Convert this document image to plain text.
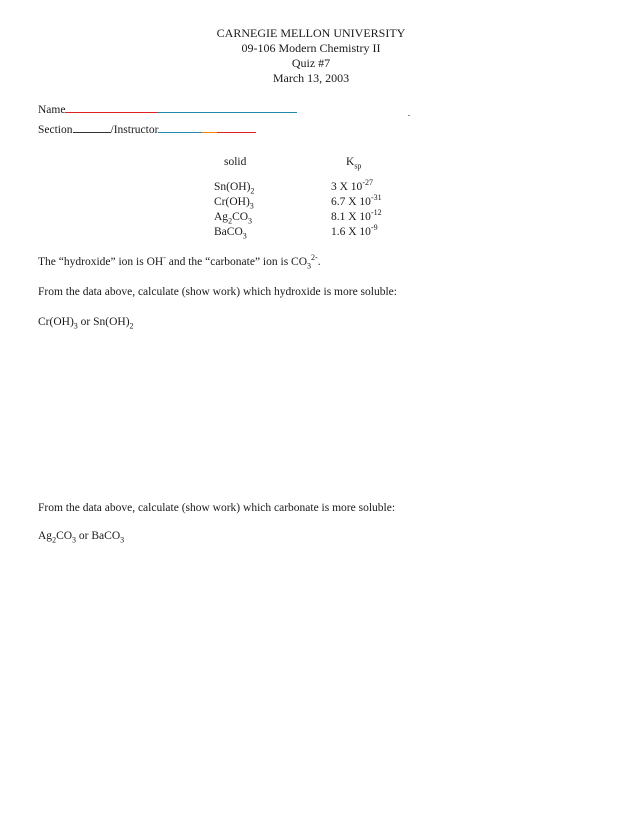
CARNEGIE MELLON UNIVERSITY
09-106 Modern Chemistry II
Quiz #7
March 13, 2003
Name
Section	/Instructor
solid	$K_{sp}$
$Sn(OH)_2$
$Cr(OH)_3$
$Ag_2CO_3$
BaCO$_3$
3 X $10^{-27}$
6.7 X $10^{-31}$
8.1 X $10^{-12}$
1.6 X $10^{-9}$
The “hydroxide” ion is OH- and the “carbonate” ion is $CO_3^{2-}$.
From the data above, calculate (show work) which hydroxide is more soluble:
$Cr(OH)_3$ or $Sn(OH)_2$
From the data above, calculate (show work) which carbonate is more soluble:
$Ag_2CO_3$ or BaCO$_3$
